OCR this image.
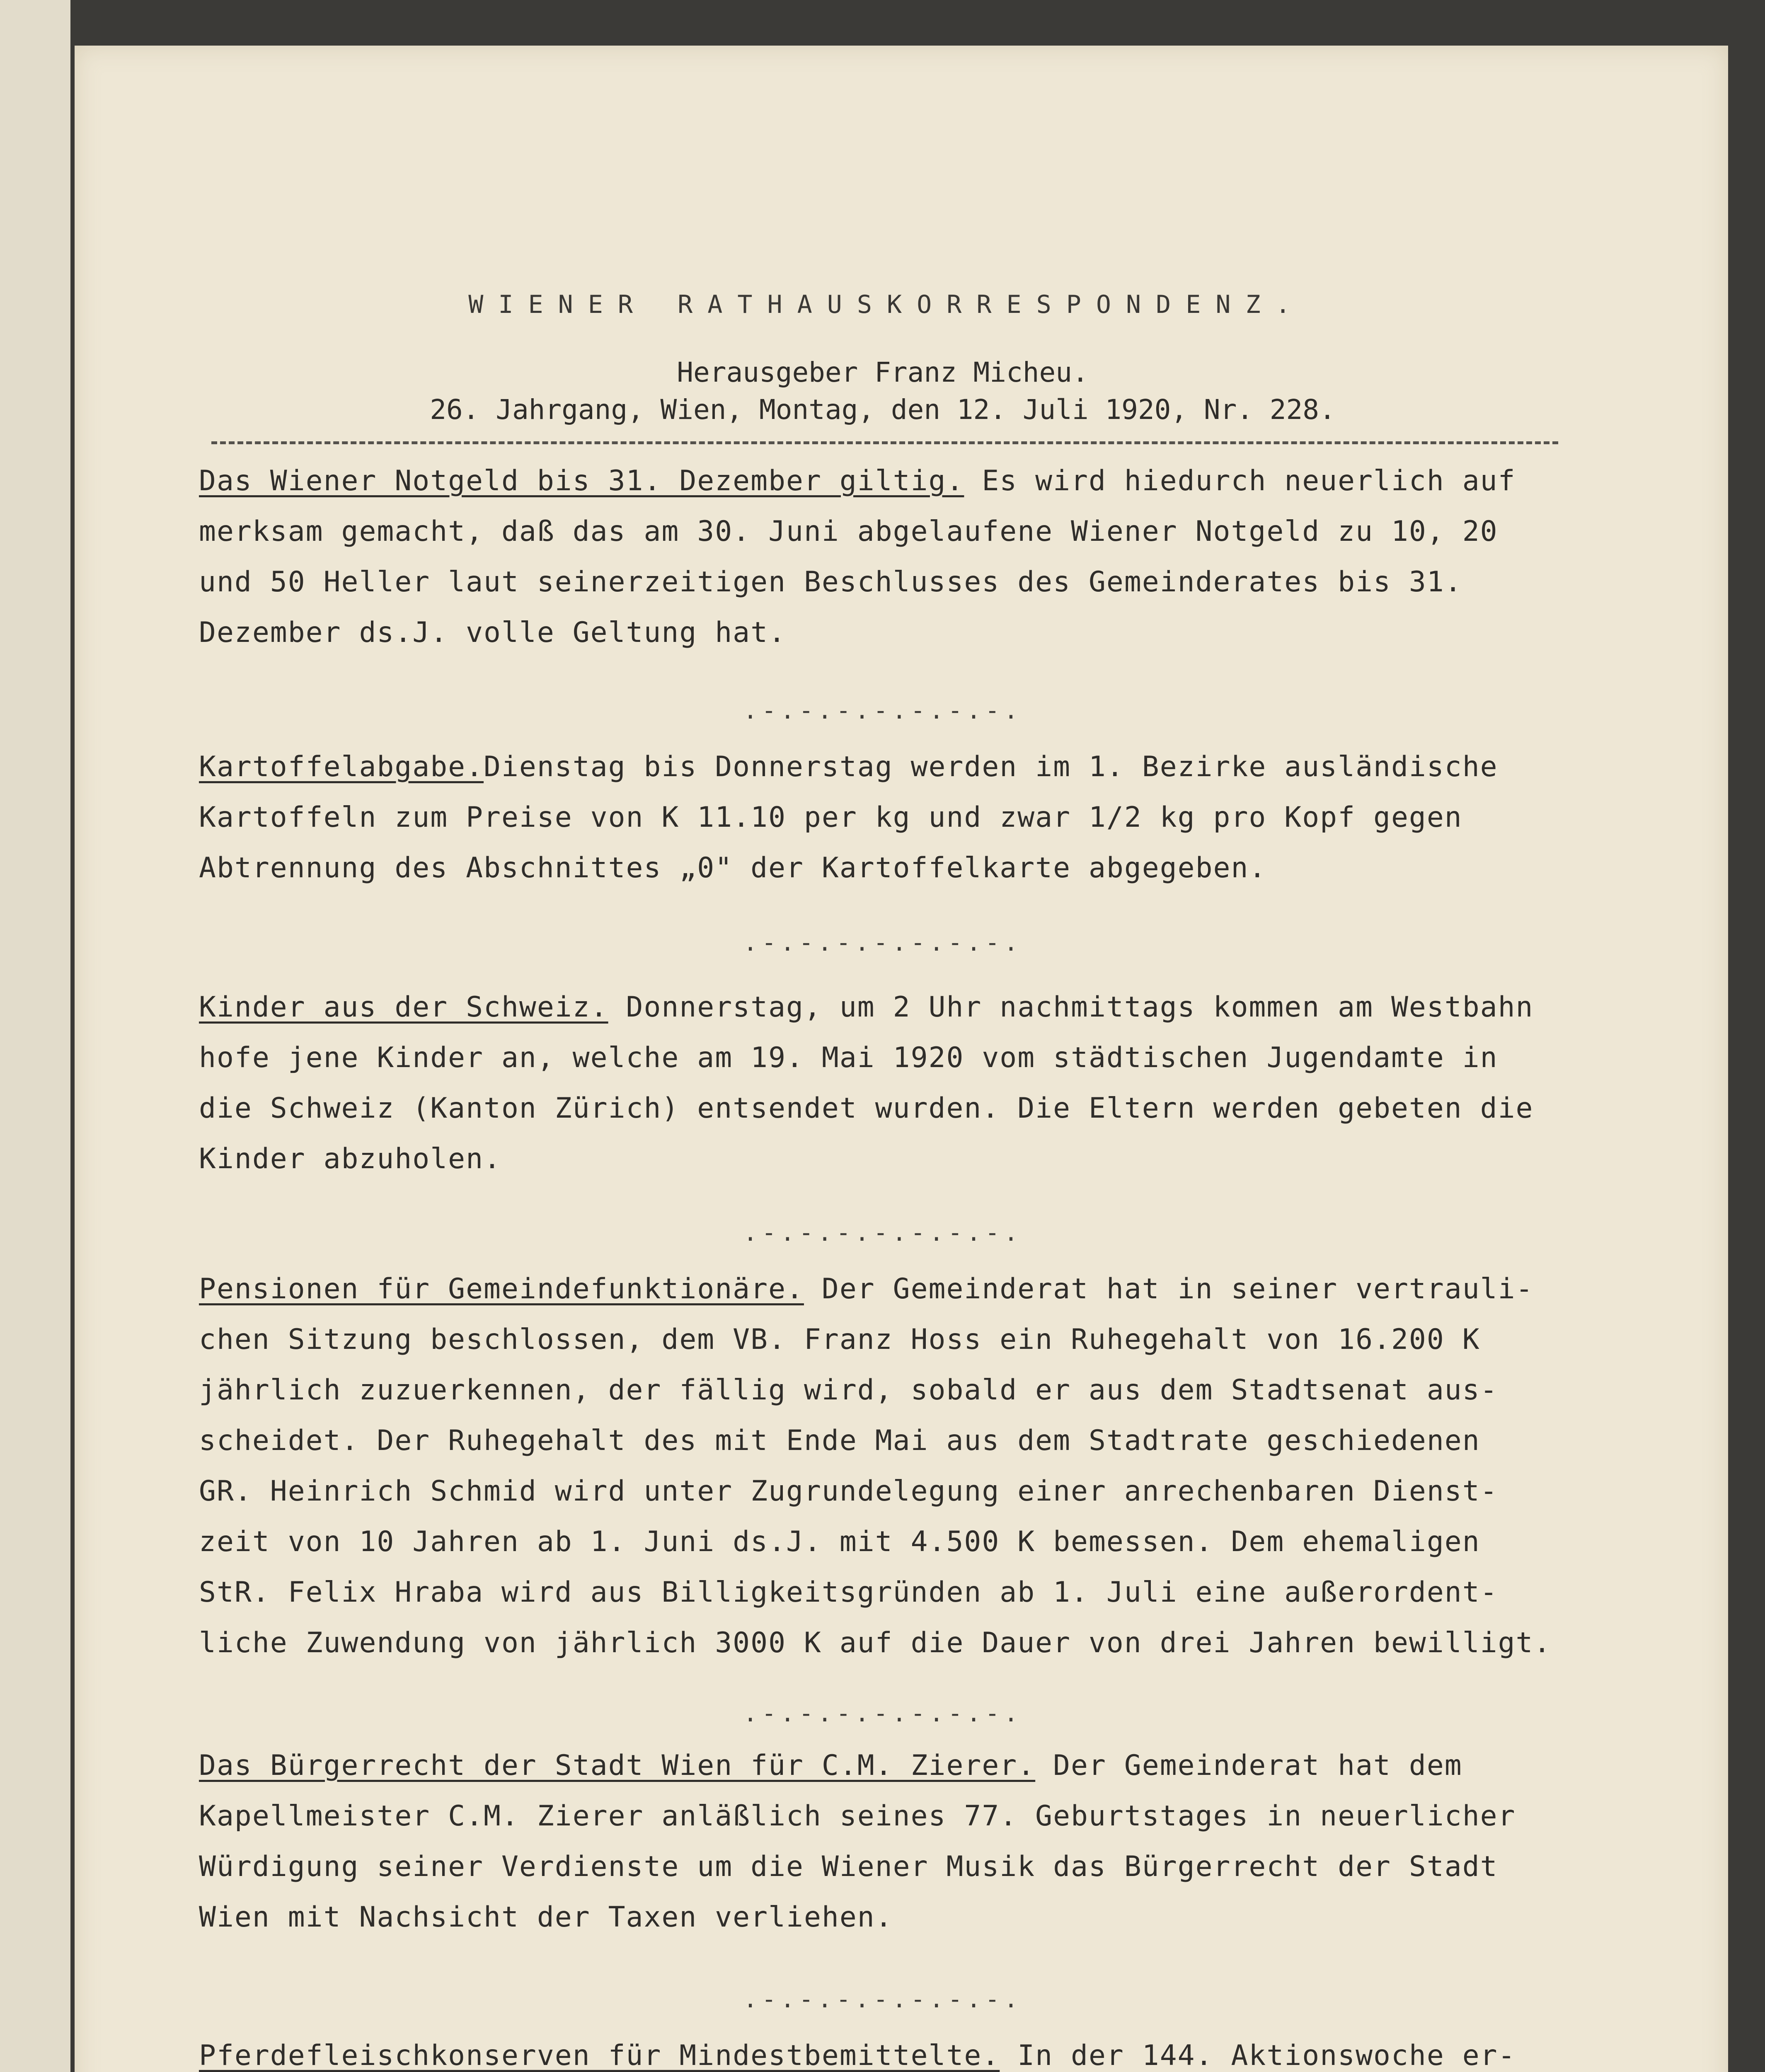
WIENER RATHAUSKORRESPONDENZ.
Herausgeber Franz Micheu.
26. Jahrgang, Wien, Montag, den 12. Juli 1920, Nr. 228.

Das Wiener Notgeld bis 31. Dezember giltig. Es wird hiedurch neuerlich auf

merksam gemacht, daß das am 30. Juni abgelaufene Wiener Notgeld zu 10, 20

und 50 Heller laut seinerzeitigen Beschlusses des Gemeinderates bis 31.

Dezember ds.J. volle Geltung hat.

.-.-.-.-.-.-.-.

Kartoffelabgabe.Dienstag bis Donnerstag werden im 1. Bezirke ausländische

Kartoffeln zum Preise von K 11.10 per kg und zwar 1/2 kg pro Kopf gegen

Abtrennung des Abschnittes „0" der Kartoffelkarte abgegeben.

.-.-.-.-.-.-.-.

Kinder aus der Schweiz. Donnerstag, um 2 Uhr nachmittags kommen am Westbahn

hofe jene Kinder an, welche am 19. Mai 1920 vom städtischen Jugendamte in

die Schweiz (Kanton Zürich) entsendet wurden. Die Eltern werden gebeten die

Kinder abzuholen.

.-.-.-.-.-.-.-.

Pensionen für Gemeindefunktionäre. Der Gemeinderat hat in seiner vertrauli-

chen Sitzung beschlossen, dem VB. Franz Hoss ein Ruhegehalt von 16.200 K

jährlich zuzuerkennen, der fällig wird, sobald er aus dem Stadtsenat aus-

scheidet. Der Ruhegehalt des mit Ende Mai aus dem Stadtrate geschiedenen

GR. Heinrich Schmid wird unter Zugrundelegung einer anrechenbaren Dienst-

zeit von 10 Jahren ab 1. Juni ds.J. mit 4.500 K bemessen. Dem ehemaligen

StR. Felix Hraba wird aus Billigkeitsgründen ab 1. Juli eine außerordent-

liche Zuwendung von jährlich 3000 K auf die Dauer von drei Jahren bewilligt.

.-.-.-.-.-.-.-.

Das Bürgerrecht der Stadt Wien für C.M. Zierer. Der Gemeinderat hat dem

Kapellmeister C.M. Zierer anläßlich seines 77. Geburtstages in neuerlicher

Würdigung seiner Verdienste um die Wiener Musik das Bürgerrecht der Stadt

Wien mit Nachsicht der Taxen verliehen.

.-.-.-.-.-.-.-.

Pferdefleischkonserven für Mindestbemittelte. In der 144. Aktionswoche er-
